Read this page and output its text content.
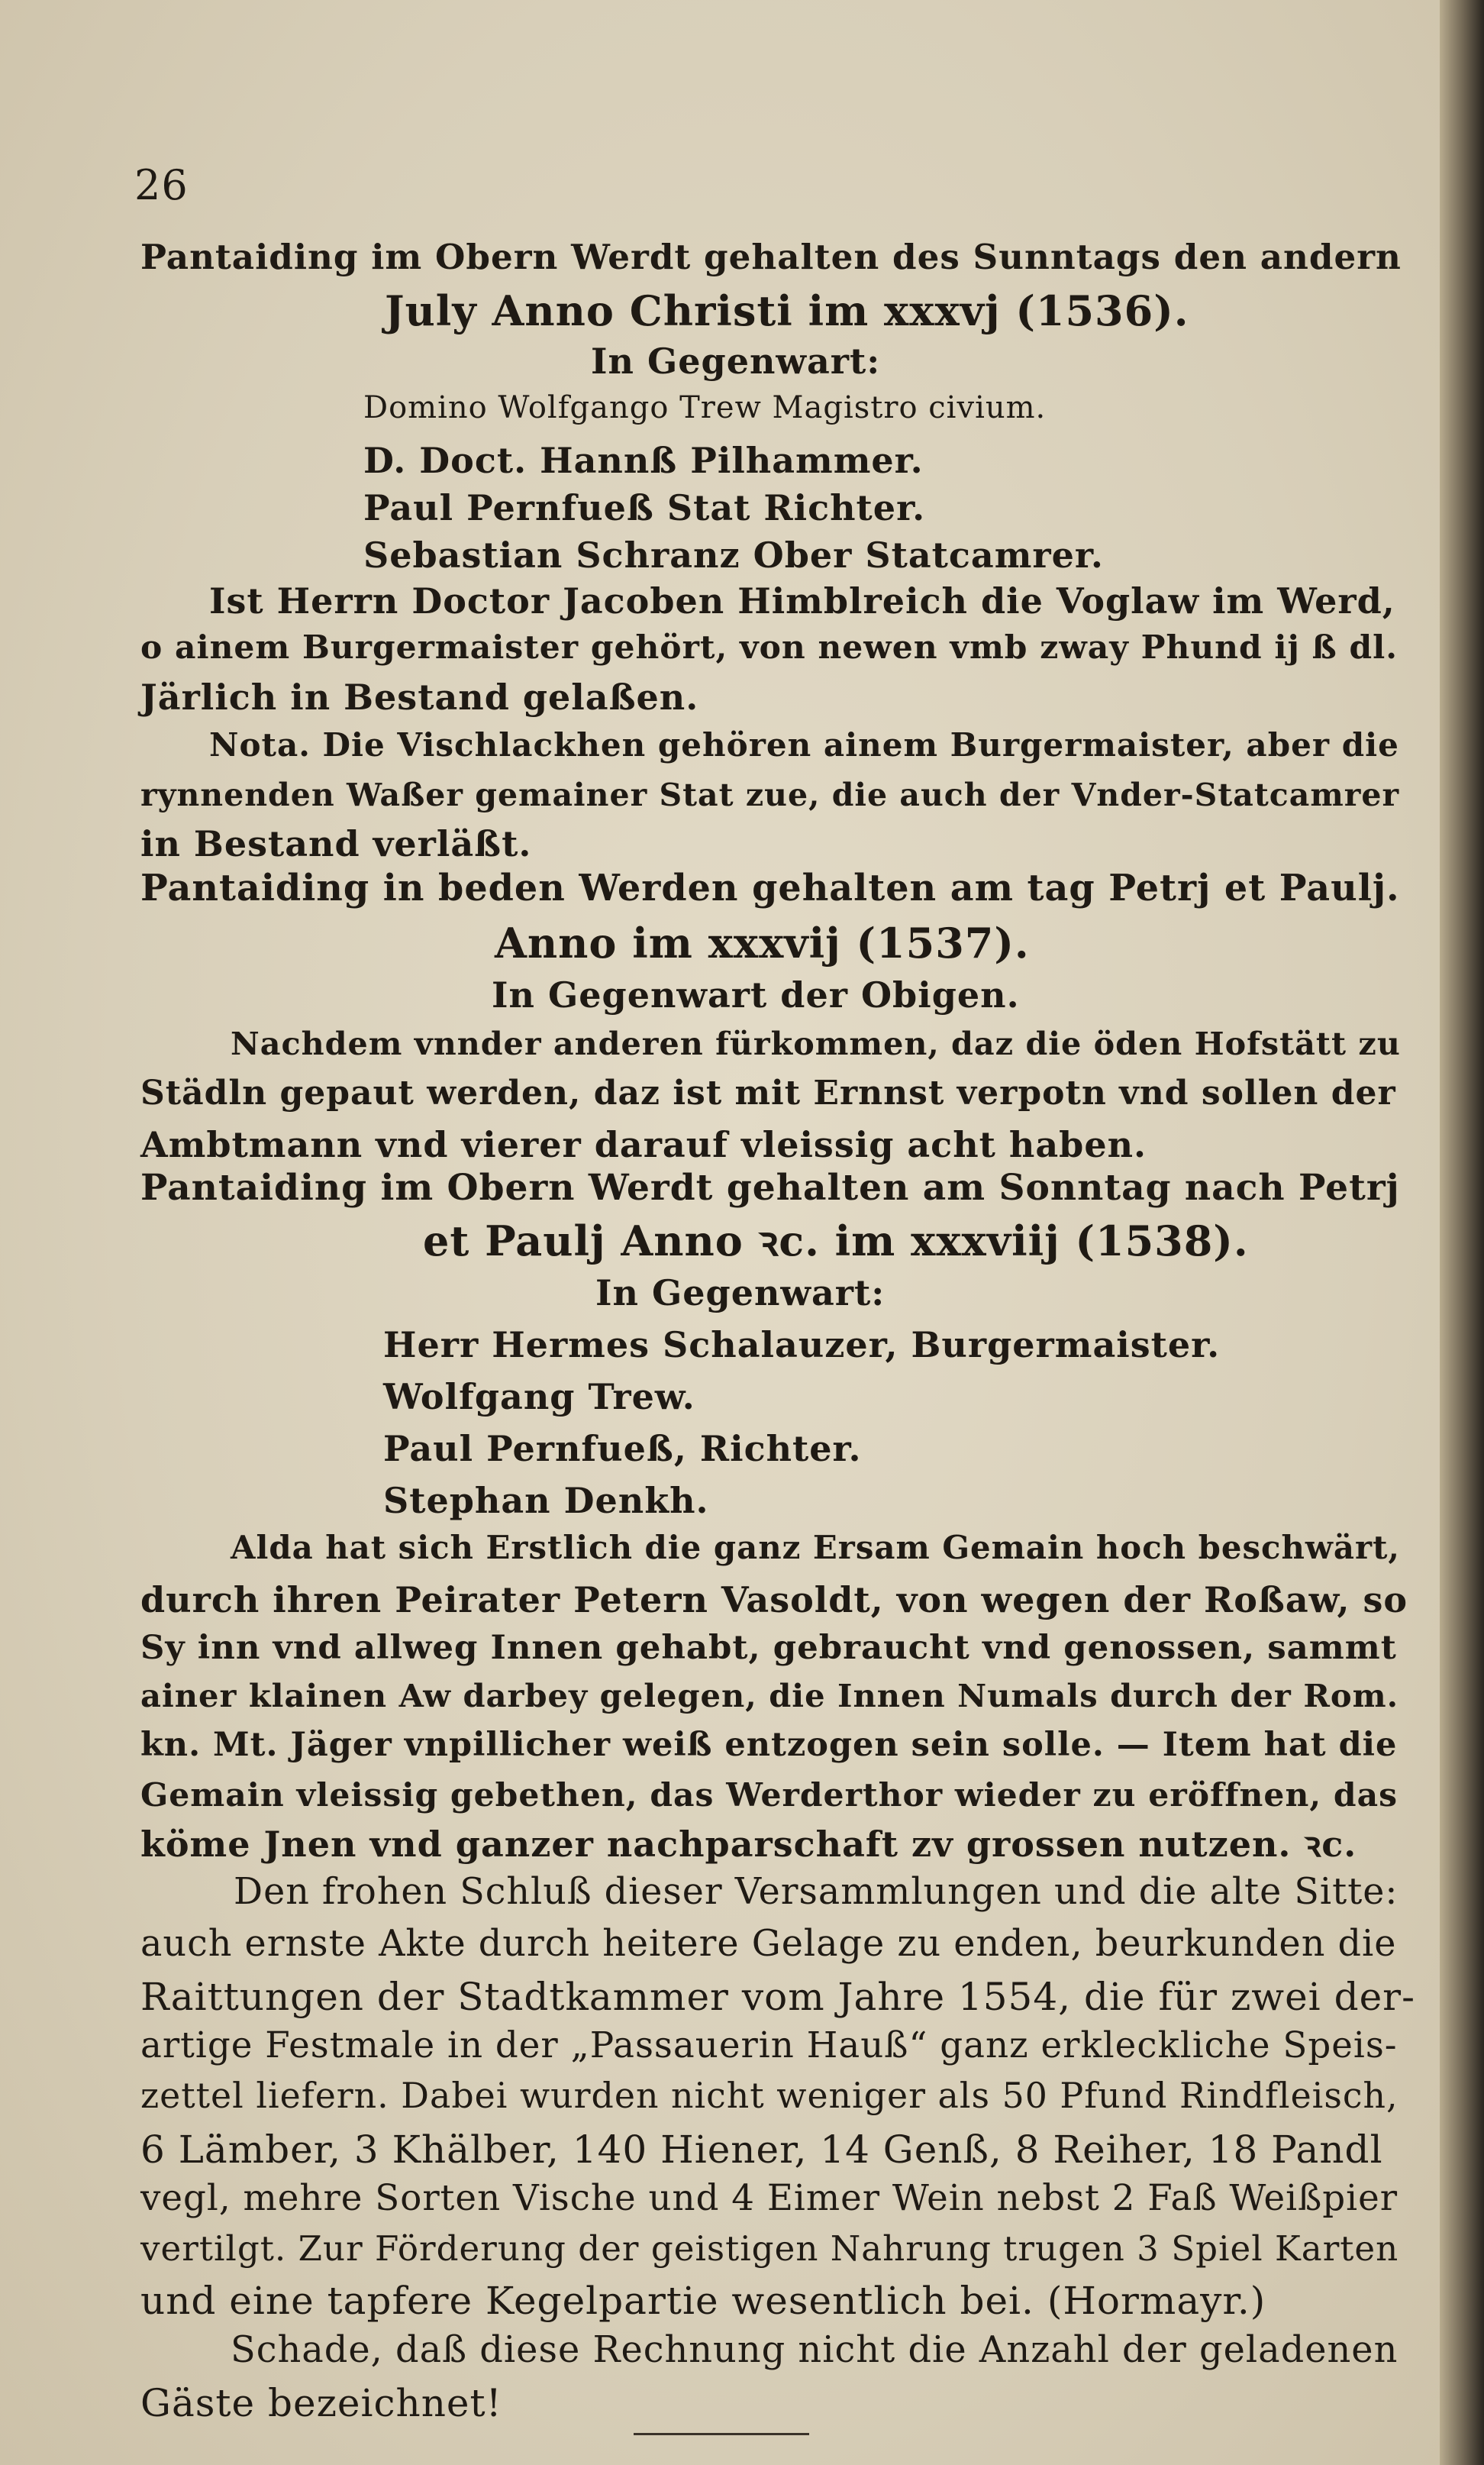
26
Pantaiding im Obern Werdt gehalten des Sunntags den andern
July Anno Christi im xxxvj (1536).
In Gegenwart:
Domino Wolfgango Trew Magistro civium.
D. Doct. Hannß Pilhammer.
Paul Pernfueß Stat Richter.
Sebastian Schranz Ober Statcamrer.
Ist Herrn Doctor Jacoben Himblreich die Voglaw im Werd,
o ainem Burgermaister gehört, von newen vmb zway Phund ij ß dl.
Järlich in Bestand gelaßen.
Nota. Die Vischlackhen gehören ainem Burgermaister, aber die
rynnenden Waßer gemainer Stat zue, die auch der Vnder-Statcamrer
in Bestand verläßt.
Pantaiding in beden Werden gehalten am tag Petrj et Paulj.
Anno im xxxvij (1537).
In Gegenwart der Obigen.
Nachdem vnnder anderen fürkommen, daz die öden Hofstätt zu
Städln gepaut werden, daz ist mit Ernnst verpotn vnd sollen der
Ambtmann vnd vierer darauf vleissig acht haben.
Pantaiding im Obern Werdt gehalten am Sonntag nach Petrj
et Paulj Anno ꝛc. im xxxviij (1538).
In Gegenwart:
Herr Hermes Schalauzer, Burgermaister.
Wolfgang Trew.
Paul Pernfueß, Richter.
Stephan Denkh.
Alda hat sich Erstlich die ganz Ersam Gemain hoch beschwärt,
durch ihren Peirater Petern Vasoldt, von wegen der Roßaw, so
Sy inn vnd allweg Innen gehabt, gebraucht vnd genossen, sammt
ainer klainen Aw darbey gelegen, die Innen Numals durch der Rom.
kn. Mt. Jäger vnpillicher weiß entzogen sein solle. — Item hat die
Gemain vleissig gebethen, das Werderthor wieder zu eröffnen, das
köme Jnen vnd ganzer nachparschaft zv grossen nutzen. ꝛc.
Den frohen Schluß dieser Versammlungen und die alte Sitte:
auch ernste Akte durch heitere Gelage zu enden, beurkunden die
Raittungen der Stadtkammer vom Jahre 1554, die für zwei der-
artige Festmale in der „Passauerin Hauß“ ganz erkleckliche Speis-
zettel liefern. Dabei wurden nicht weniger als 50 Pfund Rindfleisch,
6 Lämber, 3 Khälber, 140 Hiener, 14 Genß, 8 Reiher, 18 Pandl
vegl, mehre Sorten Vische und 4 Eimer Wein nebst 2 Faß Weißpier
vertilgt. Zur Förderung der geistigen Nahrung trugen 3 Spiel Karten
und eine tapfere Kegelpartie wesentlich bei. (Hormayr.)
Schade, daß diese Rechnung nicht die Anzahl der geladenen
Gäste bezeichnet!
